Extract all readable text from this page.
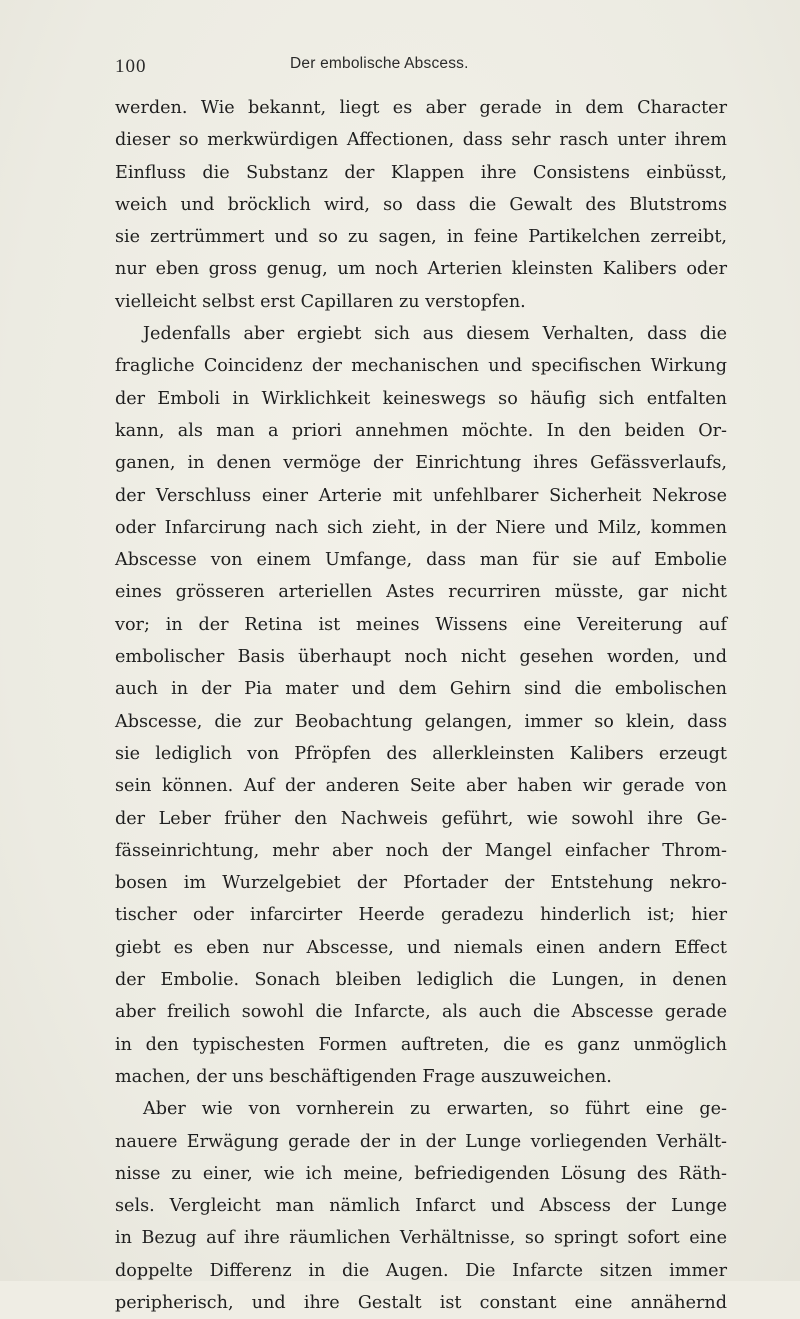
100	Der embolische Abscess.
werden. Wie bekannt, liegt es aber gerade in dem Character
dieser so merkwürdigen Affectionen, dass sehr rasch unter ihrem
Einfluss die Substanz der Klappen ihre Consistens einbüsst,
weich und bröcklich wird, so dass die Gewalt des Blutstroms
sie zertrümmert und so zu sagen, in feine Partikelchen zerreibt,
nur eben gross genug, um noch Arterien kleinsten Kalibers oder
vielleicht selbst erst Capillaren zu verstopfen.
Jedenfalls aber ergiebt sich aus diesem Verhalten, dass die
fragliche Coincidenz der mechanischen und specifischen Wirkung
der Emboli in Wirklichkeit keineswegs so häufig sich entfalten
kann, als man a priori annehmen möchte. In den beiden Or-
ganen, in denen vermöge der Einrichtung ihres Gefässverlaufs,
der Verschluss einer Arterie mit unfehlbarer Sicherheit Nekrose
oder Infarcirung nach sich zieht, in der Niere und Milz, kommen
Abscesse von einem Umfange, dass man für sie auf Embolie
eines grösseren arteriellen Astes recurriren müsste, gar nicht
vor; in der Retina ist meines Wissens eine Vereiterung auf
embolischer Basis überhaupt noch nicht gesehen worden, und
auch in der Pia mater und dem Gehirn sind die embolischen
Abscesse, die zur Beobachtung gelangen, immer so klein, dass
sie lediglich von Pfröpfen des allerkleinsten Kalibers erzeugt
sein können. Auf der anderen Seite aber haben wir gerade von
der Leber früher den Nachweis geführt, wie sowohl ihre Ge-
fässeinrichtung, mehr aber noch der Mangel einfacher Throm-
bosen im Wurzelgebiet der Pfortader der Entstehung nekro-
tischer oder infarcirter Heerde geradezu hinderlich ist; hier
giebt es eben nur Abscesse, und niemals einen andern Effect
der Embolie. Sonach bleiben lediglich die Lungen, in denen
aber freilich sowohl die Infarcte, als auch die Abscesse gerade
in den typischesten Formen auftreten, die es ganz unmöglich
machen, der uns beschäftigenden Frage auszuweichen.
Aber wie von vornherein zu erwarten, so führt eine ge-
nauere Erwägung gerade der in der Lunge vorliegenden Verhält-
nisse zu einer, wie ich meine, befriedigenden Lösung des Räth-
sels. Vergleicht man nämlich Infarct und Abscess der Lunge
in Bezug auf ihre räumlichen Verhältnisse, so springt sofort eine
doppelte Differenz in die Augen. Die Infarcte sitzen immer
peripherisch, und ihre Gestalt ist constant eine annähernd
